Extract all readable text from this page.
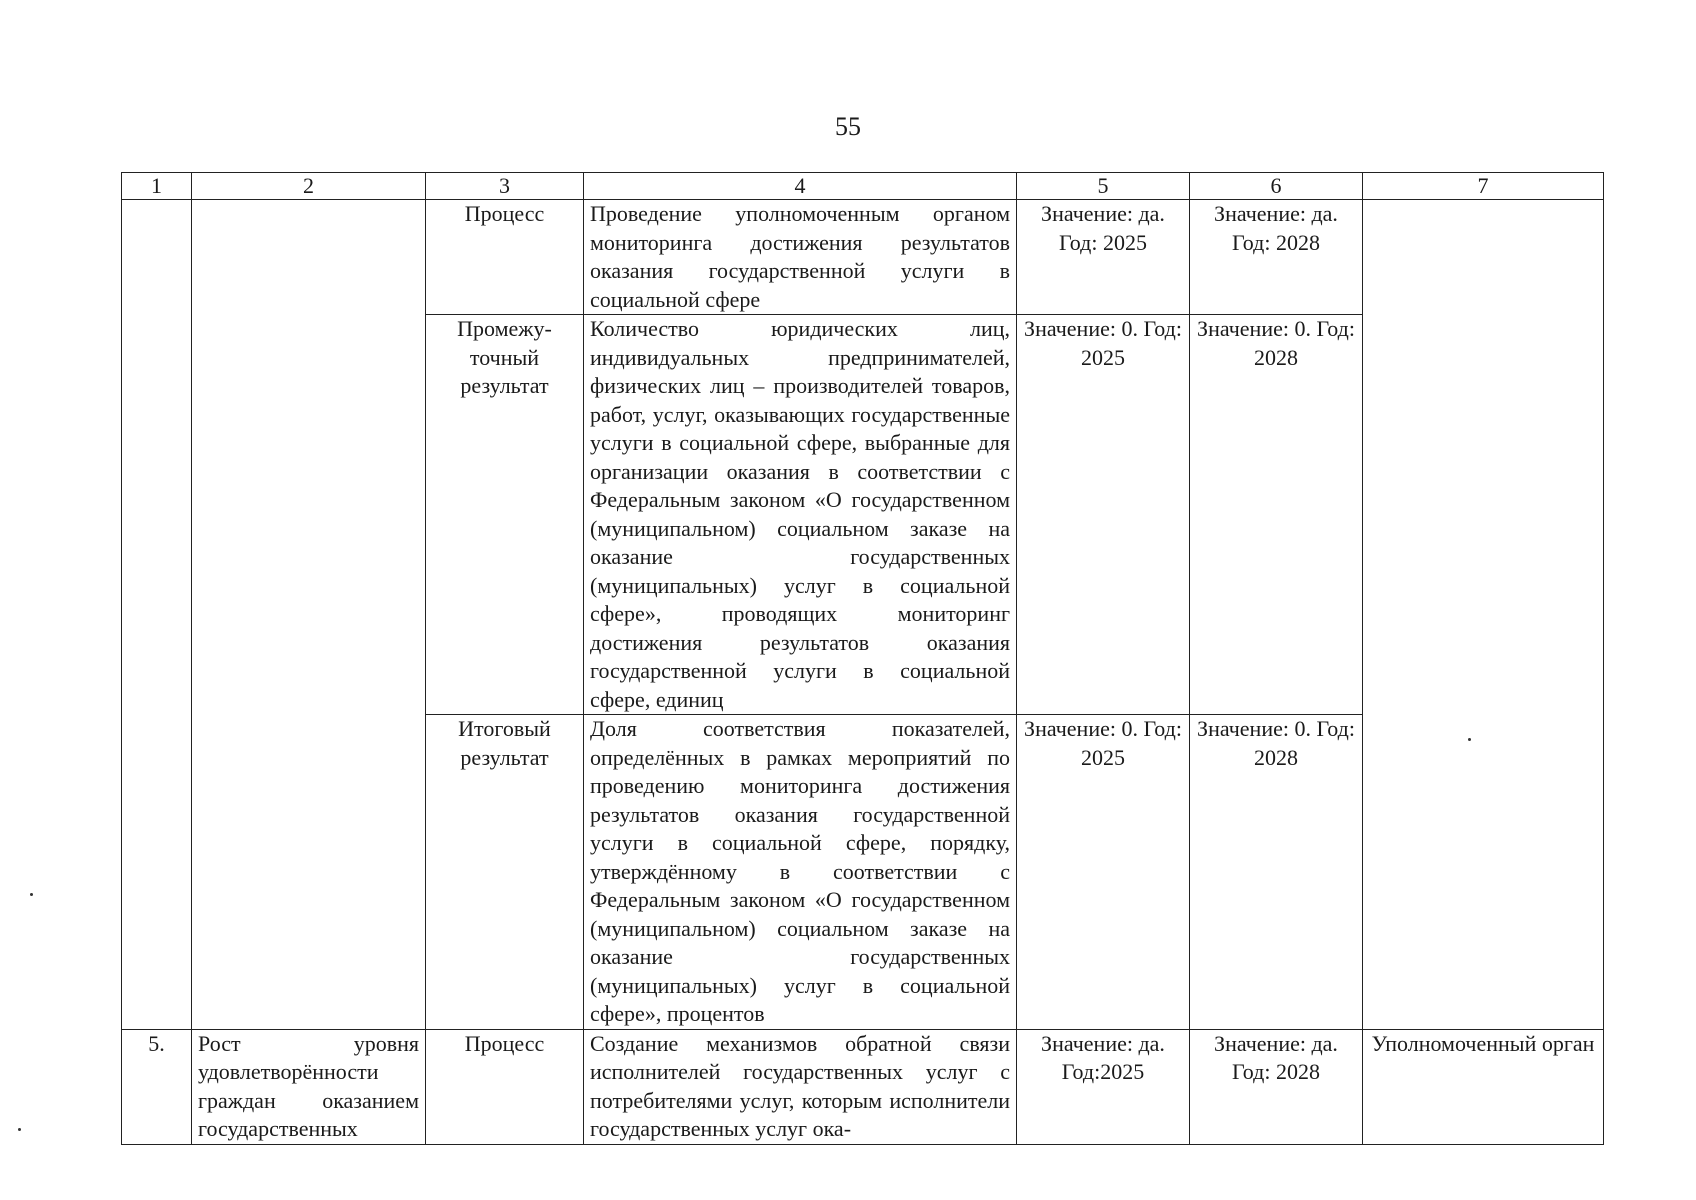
55
1	2	3	4	5	6	7
		Процесс	Проведение уполномоченным органом мониторинга достижения результатов оказания государственной услуги в социальной сфере	Значение: да. Год: 2025	Значение: да. Год: 2028	
		Промежу-точный результат	Количество юридических лиц, индивидуальных предпринимателей, физических лиц – производителей товаров, работ, услуг, оказывающих государственные услуги в социальной сфере, выбранные для организации оказания в соответствии с Федеральным законом «О государственном (муниципальном) социальном заказе на оказание государственных (муниципальных) услуг в социальной сфере», проводящих мониторинг достижения результатов оказания государственной услуги в социальной сфере, единиц	Значение: 0. Год: 2025	Значение: 0. Год: 2028	
		Итоговый результат	Доля соответствия показателей, определённых в рамках мероприятий по проведению мониторинга достижения результатов оказания государственной услуги в социальной сфере, порядку, утверждённому в соответствии с Федеральным законом «О государственном (муниципальном) социальном заказе на оказание государственных (муниципальных) услуг в социальной сфере», процентов	Значение: 0. Год: 2025	Значение: 0. Год: 2028	
5.	Рост уровня удовлетворённости граждан оказанием государственных	Процесс	Создание механизмов обратной связи исполнителей государственных услуг с потребителями услуг, которым исполнители государственных услуг ока-	Значение: да. Год:2025	Значение: да. Год: 2028	Уполномоченный орган
